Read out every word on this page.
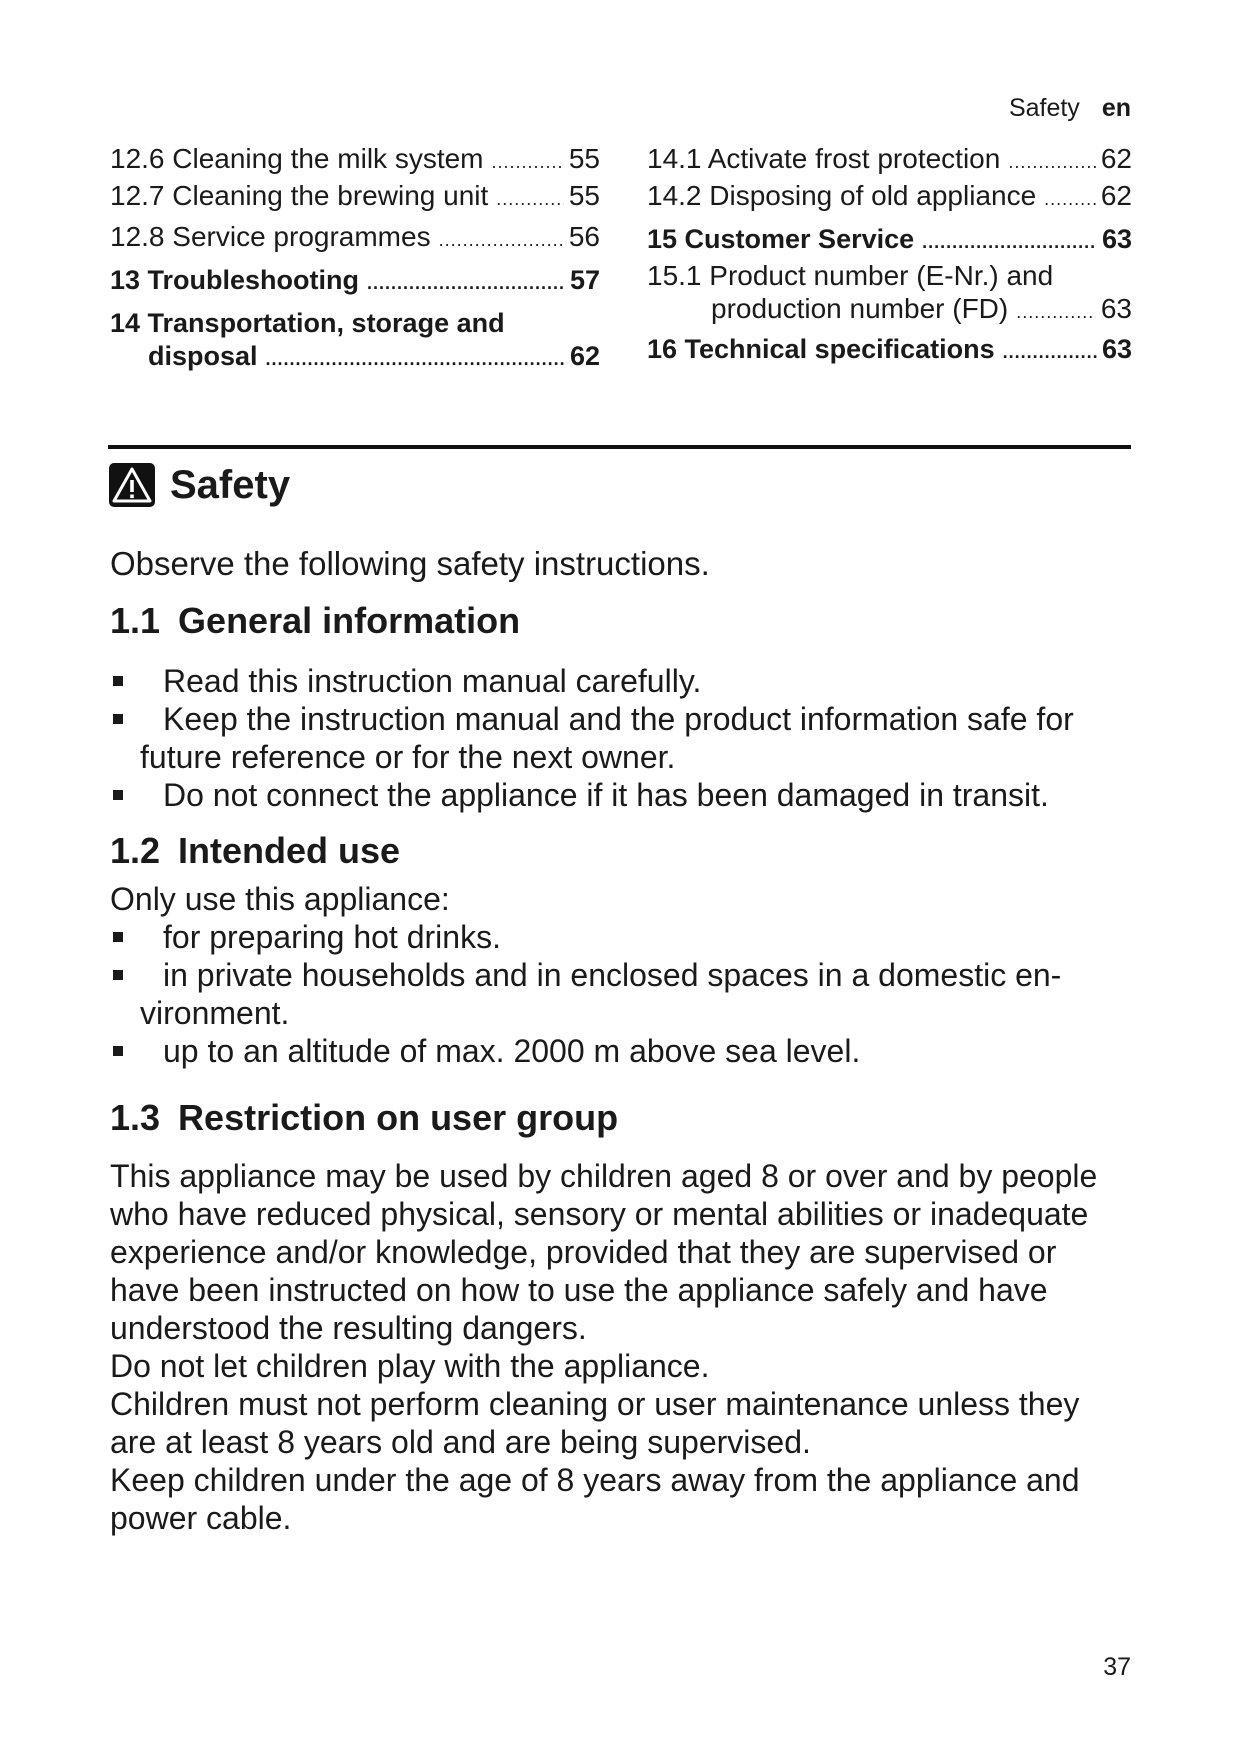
Safety en
12.6 Cleaning the milk system .....	55
12.7 Cleaning the brewing unit .....	55
12.8 Service programmes .....	56
13 Troubleshooting .....	57
14 Transportation, storage and
disposal .....	62
14.1 Activate frost protection .....	62
14.2 Disposing of old appliance ..... 62
15 Customer Service .....	63
15.1 Product number (E-Nr.) and
production number (FD) .....	63
16 Technical specifications .....	63
Safety
Observe the following safety instructions.
1.1 General information
Read this instruction manual carefully.
Keep the instruction manual and the product information safe for future reference or for the next owner.
Do not connect the appliance if it has been damaged in transit.
1.2 Intended use

Only use this appliance:

for preparing hot drinks.
in private households and in enclosed spaces in a domestic en-vironment.
up to an altitude of max. 2000 m above sea level.
1.3 Restriction on user group

This appliance may be used by children aged 8 or over and by people who have reduced physical, sensory or mental abilities or inadequate experience and/or knowledge, provided that they are supervised or have been instructed on how to use the appliance safely and have understood the resulting dangers.

Do not let children play with the appliance.

Children must not perform cleaning or user maintenance unless they are at least 8 years old and are being supervised.

Keep children under the age of 8 years away from the appliance and power cable.

37
